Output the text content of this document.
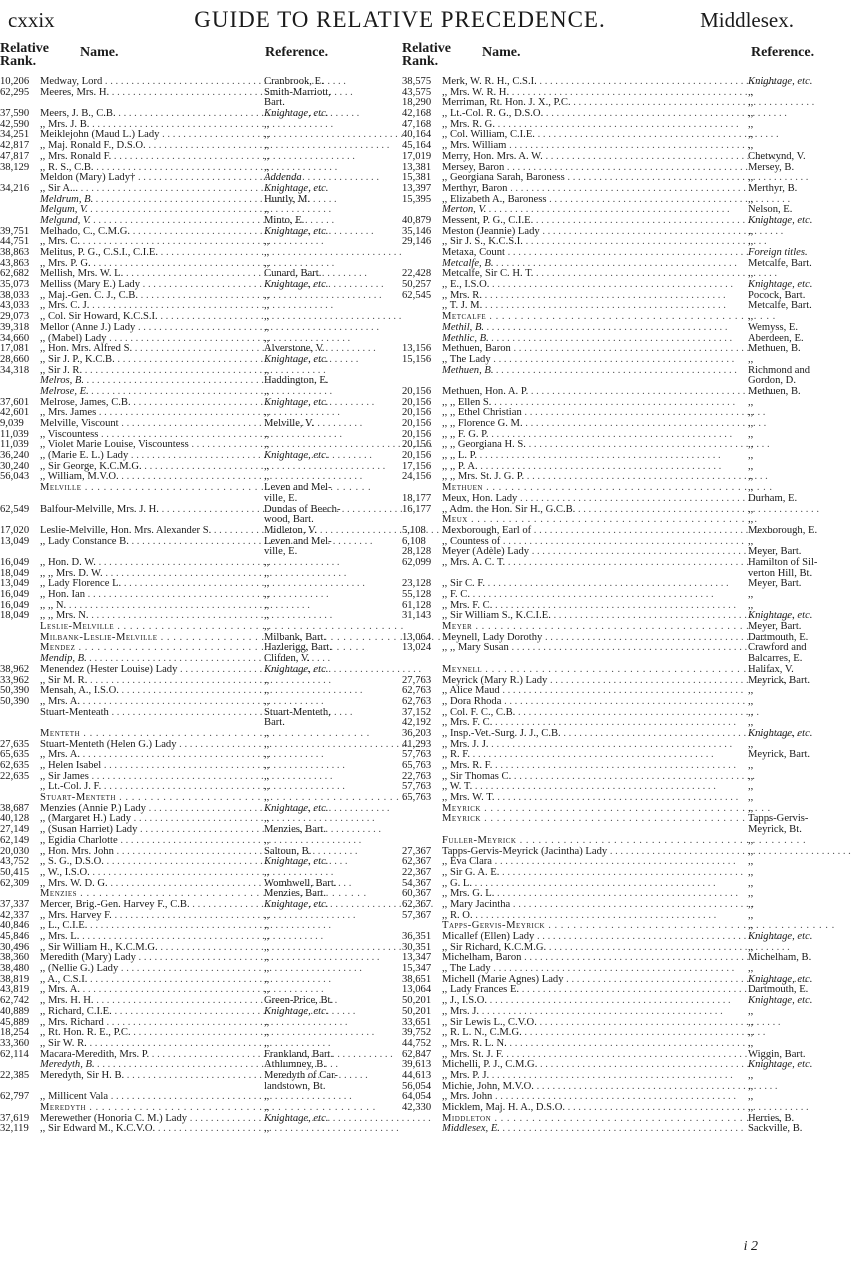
cxxix	GUIDE TO RELATIVE PRECEDENCE.	Middlesex.
Relative Rank.
Name.	Reference.
10,206	Medway, Lord . . .	Cranbrook, E.
62,295	Meeres, Mrs. H. . . .	Smith-Marriott,
Bart.
37,590	Meers, J. B., C.B. . . .	Knightage, etc.
42,590	,, Mrs. J. B. . . .	,,
34,251	Meiklejohn (Maud L.) Lady . . .	,,
42,817	,, Maj. Ronald F., D.S.O. . . .	,,
47,817	,, Mrs. Ronald F. . . .	,,
38,129	,, R. S., C.B. . . .	,,
Meldon (Mary) Lady† . . .	Addenda
34,216	,, Sir A... . . .	Knightage, etc.
Meldrum, B. . . .	Huntly, M.
Melgum, V. . . .	,,
Melgund, V. . . .	Minto, E.
39,751	Melhado, C., C.M.G. . . .	Knightage, etc.
44,751	,, Mrs. C. . . .	,,
38,863	Melitus, P. G., C.S.I., C.I.E. . . .	,,
43,863	,, Mrs. P. G. . . .	,,
62,682	Mellish, Mrs. W. L. . . .	Cunard, Bart.
35,073	Melliss (Mary E.) Lady . . .	Knightage, etc.
38,033	,, Maj.-Gen. C. J., C.B. . . .	,,
43,033	,, Mrs. C. J. . . .	,,
29,073	,, Col. Sir Howard, K.C.S.I. . . .	,,
39,318	Mellor (Anne J.) Lady . . .	,,
34,660	,, (Mabel) Lady . . .	,,
17,081	,, Hon. Mrs. Alfred S. . . .	Alverstone, V.
28,660	,, Sir J. P., K.C.B. . . .	Knightage, etc.
34,318	,, Sir J. R. . . .	,,
Melros, B. . . .	Haddington, E.
Melrose, E. . . .	,,
37,601	Melrose, James, C.B. . . .	Knightage, etc.
42,601	,, Mrs. James . . .	,,
9,039	Melville, Viscount . . .	Melville, V.
11,039	,, Viscountess . . .	,,
11,039	,, Violet Marie Louise, Viscountess . . .	,,
36,240	,, (Marie E. L.) Lady . . .	Knightage, etc.
30,240	,, Sir George, K.C.M.G. . . .	,,
56,043	,, William, M.V.O. . . .	,,
Melville . . .	Leven and Mel-
ville, E.
62,549	Balfour-Melville, Mrs. J. H. . . .	Dundas of Beech-
wood, Bart.
17,020	Leslie-Melville, Hon. Mrs. Alexander S. . . .	Midleton, V.
13,049	,, Lady Constance B. . . .	Leven and Mel-
ville, E.
16,049	,, Hon. D. W. . . .	,,
18,049	,, ,, Mrs. D. W. . . .	,,
13,049	,, Lady Florence L. . . .	,,
16,049	,, Hon. Ian . . .	,,
16,049	,, ,, N. . . .	,,
18,049	,, ,, Mrs. N. . . .	,,
Leslie-Melville . . .	,,
Milbank-Leslie-Melville . . .	Milbank, Bart.
Mendez . . .	Hazlerigg, Bart.
Mendip, B. . . .	Clifden, V.
38,962	Menendez (Hester Louise) Lady . . .	Knightage, etc.
33,962	,, Sir M. R. . . .	,,
50,390	Mensah, A., I.S.O. . . .	,,
50,390	,, Mrs. A. . . .	,,
Stuart-Menteath . . .	Stuart-Menteth,
Bart.
Menteth . . .	,,
27,635	Stuart-Menteth (Helen G.) Lady . . .	,,
65,635	,, Mrs. A. . . .	,,
62,635	,, Helen Isabel . . .	,,
22,635	,, Sir James . . .	,,
,, Lt.-Col. J. F. . . .	,,
Stuart-Menteth . . .	,,
38,687	Menzies (Annie P.) Lady . . .	Knightage, etc.
40,128	,, (Margaret H.) Lady . . .	,,
27,149	,, (Susan Harriet) Lady . . .	Menzies, Bart.
62,149	,, Egidia Charlotte . . .	,,
20,030	,, Hon. Mrs. John . . .	Saltoun, B.
43,752	,, S. G., D.S.O. . . .	Knightage, etc.
50,415	,, W., I.S.O. . . .	,,
62,309	,, Mrs. W. D. G. . . .	Wombwell, Bart.
Menzies . . .	Menzies, Bart.
37,337	Mercer, Brig.-Gen. Harvey F., C.B. . . .	Knightage, etc.
42,337	,, Mrs. Harvey F. . . .	,,
40,846	,, L., C.I.E. . . .	,,
45,846	,, Mrs. L. . . .	,,
30,496	,, Sir William H., K.C.M.G. . . .	,,
38,360	Meredith (Mary) Lady . . .	,,
38,480	,, (Nellie G.) Lady . . .	,,
38,819	,, A., C.S.I. . . .	,,
43,819	,, Mrs. A. . . .	,,
62,742	,, Mrs. H. H. . . .	Green-Price, Bt.
40,889	,, Richard, C.I.E. . . .	Knightage, etc.
45,889	,, Mrs. Richard . . .	,,
18,254	,, Rt. Hon. R. E., P.C. . . .	,,
33,360	,, Sir W. R. . . .	,,
62,114	Macara-Meredith, Mrs. P. . . .	Frankland, Bart.
Meredyth, B. . . .	Athlumney, B.
22,385	Meredyth, Sir H. B. . . .	Meredyth of Car-
landstown, Bt.
62,797	,, Millicent Vala . . .	,,
Meredyth . . .	,,
37,619	Merewether (Honoria C. M.) Lady . . .	Knightage, etc.
32,119	,, Sir Edward M., K.C.V.O. . . .	,,
Relative Rank.
Name.	Reference.
38,575	Merk, W. R. H., C.S.I. . . .	Knightage, etc.
43,575	,, Mrs. W. R. H. . . .	,,
18,290	Merriman, Rt. Hon. J. X., P.C. . . .	,,
42,168	,, Lt.-Col. R. G., D.S.O. . . .	,,
47,168	,, Mrs. R. G. . . .	,,
40,164	,, Col. William, C.I.E. . . .	,,
45,164	,, Mrs. William . . .	,,
17,019	Merry, Hon. Mrs. A. W. . . .	Chetwynd, V.
13,381	Mersey, Baron . . .	Mersey, B.
15,381	,, Georgiana Sarah, Baroness . . .	,,
13,397	Merthyr, Baron . . .	Merthyr, B.
15,395	,, Elizabeth A., Baroness . . .	,,
Merton, V. . . .	Nelson, E.
40,879	Messent, P. G., C.I.E. . . .	Knightage, etc.
35,146	Meston (Jeannie) Lady . . .	,,
29,146	,, Sir J. S., K.C.S.I. . . .	,,
Metaxa, Count . . .	Foreign titles.
Metcalfe, B. . . .	Metcalfe, Bart.
22,428	Metcalfe, Sir C. H. T. . . .	,,
50,257	,, E., I.S.O. . . .	Knightage, etc.
62,545	,, Mrs. R. . . .	Pocock, Bart.
,, T. J. M. . . .	Metcalfe, Bart.
Metcalfe . . .	,,
Methil, B. . . .	Wemyss, E.
Methlic, B. . . .	Aberdeen, E.
13,156	Methuen, Baron . . .	Methuen, B.
15,156	,, The Lady . . .	,,
Methuen, B. . . .	Richmond and
Gordon, D.
20,156	Methuen, Hon. A. P. . . .	Methuen, B.
20,156	,, ,, Ellen S. . . .	,,
20,156	,, ,, Ethel Christian . . .	,,
20,156	,, ,, Florence G. M. . . .	,,
20,156	,, ,, F. G. P. . . .	,,
20,156	,, ,, Georgiana H. S. . . .	,,
20,156	,, ,, L. P. . . .	,,
17,156	,, ,, P. A. . . .	,,
24,156	,, ,, Mrs. St. J. G. P. . . .	,,
Methuen . . .	,,
18,177	Meux, Hon. Lady . . .	Durham, E.
16,177	,, Adm. the Hon. Sir H., G.C.B. . . .	,,
Meux . . .	,,
5,108	Mexborough, Earl of . . .	Mexborough, E.
6,108	,, Countess of . . .	,,
28,128	Meyer (Adèle) Lady . . .	Meyer, Bart.
62,099	,, Mrs. A. C. T. . . .	Hamilton of Sil-
verton Hill, Bt.
23,128	,, Sir C. F. . . .	Meyer, Bart.
55,128	,, F. C. . . .	,,
61,128	,, Mrs. F. C. . . .	,,
31,143	,, Sir William S., K.C.I.E. . . .	Knightage, etc.
Meyer . . .	Meyer, Bart.
13,064	Meynell, Lady Dorothy . . .	Dartmouth, E.
13,024	,, ,, Mary Susan . . .	Crawford and
Balcarres, E.
Meynell . . .	Halifax, V.
27,763	Meyrick (Mary R.) Lady . . .	Meyrick, Bart.
62,763	,, Alice Maud . . .	,,
62,763	,, Dora Rhoda . . .	,,
37,152	,, Col. F. C., C.B. . . .	,,
42,192	,, Mrs. F. C. . . .	,,
36,203	,, Insp.-Vet.-Surg. J. J., C.B. . . .	Knightage, etc.
41,293	,, Mrs. J. J. . . .	,,
57,763	,, R. F. . . .	Meyrick, Bart.
65,763	,, Mrs. R. F. . . .	,,
22,763	,, Sir Thomas C. . . .	,,
57,763	,, W. T. . . .	,,
65,763	,, Mrs. W. T. . . .	,,
Meyrick . . .	,,
Meyrick . . .	Tapps-Gervis-
Meyrick, Bt.
Fuller-Meyrick . . .	,,
27,367	Tapps-Gervis-Meyrick (Jacintha) Lady . . .	,,
62,367	,, Eva Clara . . .	,,
22,367	,, Sir G. A. E. . . .	,,
54,367	,, G. L. . . .	,,
60,367	,, Mrs. G. L. . . .	,,
62,367	,, Mary Jacintha . . .	,,
57,367	,, R. O. . . .	,,
Tapps-Gervis-Meyrick . . .	,,
36,351	Micallef (Ellen) Lady . . .	Knightage, etc.
30,351	,, Sir Richard, K.C.M.G. . . .	,,
13,347	Michelham, Baron . . .	Michelham, B.
15,347	,, The Lady . . .	,,
38,651	Michell (Marie Agnes) Lady . . .	Knightage, etc.
13,064	,, Lady Frances E. . . .	Dartmouth, E.
50,201	,, J., I.S.O. . . .	Knightage, etc.
50,201	,, Mrs. J. . . .	,,
33,651	,, Sir Lewis L., C.V.O. . . .	,,
39,752	,, R. L. N., C.M.G. . . .	,,
44,752	,, Mrs. R. L. N. . . .	,,
62,847	,, Mrs. St. J. F. . . .	Wiggin, Bart.
39,613	Michelli, P. J., C.M.G. . . .	Knightage, etc.
44,613	,, Mrs. P. J. . . .	,,
56,054	Michie, John, M.V.O. . . .	,,
64,054	,, Mrs. John . . .	,,
42,330	Micklem, Maj. H. A., D.S.O. . . .	,,
Middleton . . .	Herries, B.
Middlesex, E. . . .	Sackville, B.
i 2
